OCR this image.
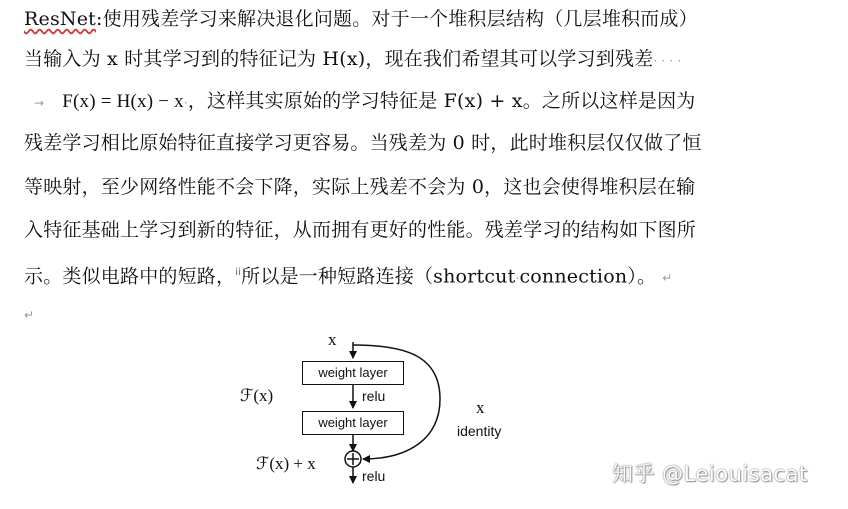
ResNet:使用残差学习来解决退化问题。对于一个堆积层结构（几层堆积而成）
当输入为 x 时其学习到的特征记为 H(x)，现在我们希望其可以学习到残差· · · ·
→ F(x) = H(x) − x·，这样其实原始的学习特征是 F(x) + x。之所以这样是因为
残差学习相比原始特征直接学习更容易。当残差为 0 时，此时堆积层仅仅做了恒
等映射，至少网络性能不会下降，实际上残差不会为 0，这也会使得堆积层在输
入特征基础上学习到新的特征，从而拥有更好的性能。残差学习的结构如下图所
示。类似电路中的短路，$^{ii}$所以是一种短路连接（shortcut·connection）。 ↵
↵
x
weight layer
relu
weight layer
ℱ(x)
ℱ(x) + x
relu
x
identity
知乎 @Leiouisacat
